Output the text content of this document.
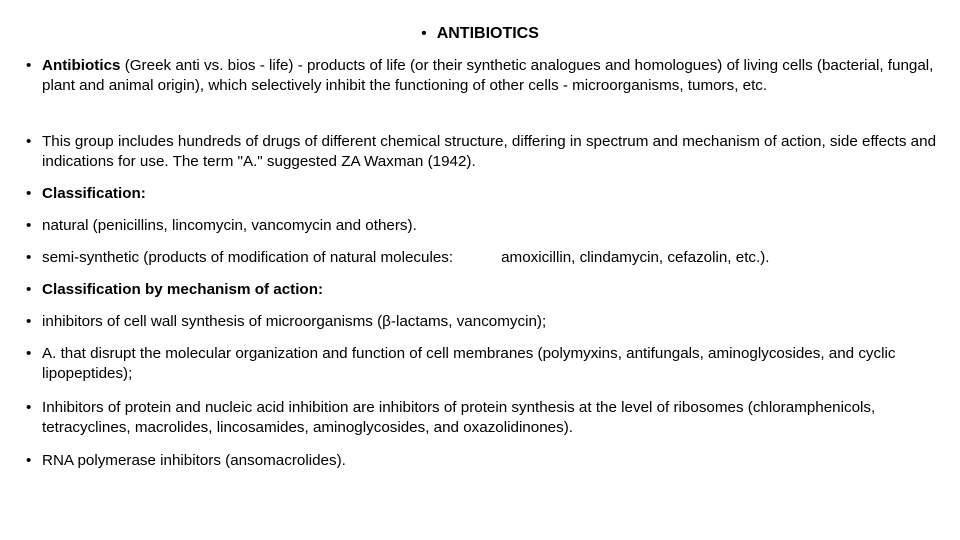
• ANTIBIOTICS
• Antibiotics (Greek anti vs. bios - life) - products of life (or their synthetic analogues and homologues) of living cells (bacterial, fungal, plant and animal origin), which selectively inhibit the functioning of other cells - microorganisms, tumors, etc.
• This group includes hundreds of drugs of different chemical structure, differing in spectrum and mechanism of action, side effects and indications for use. The term "A." suggested ZA Waxman (1942).
• Classification:
• natural (penicillins, lincomycin, vancomycin and others).
• semi-synthetic (products of modification of natural molecules:	amoxicillin, clindamycin, cefazolin, etc.).
• Classification by mechanism of action:
• inhibitors of cell wall synthesis of microorganisms (β-lactams, vancomycin);
• A. that disrupt the molecular organization and function of cell membranes (polymyxins, antifungals, aminoglycosides, and cyclic lipopeptides);
• Inhibitors of protein and nucleic acid inhibition are inhibitors of protein synthesis at the level of ribosomes (chloramphenicols, tetracyclines, macrolides, lincosamides, aminoglycosides, and oxazolidinones).
• RNA polymerase inhibitors (ansomacrolides).
